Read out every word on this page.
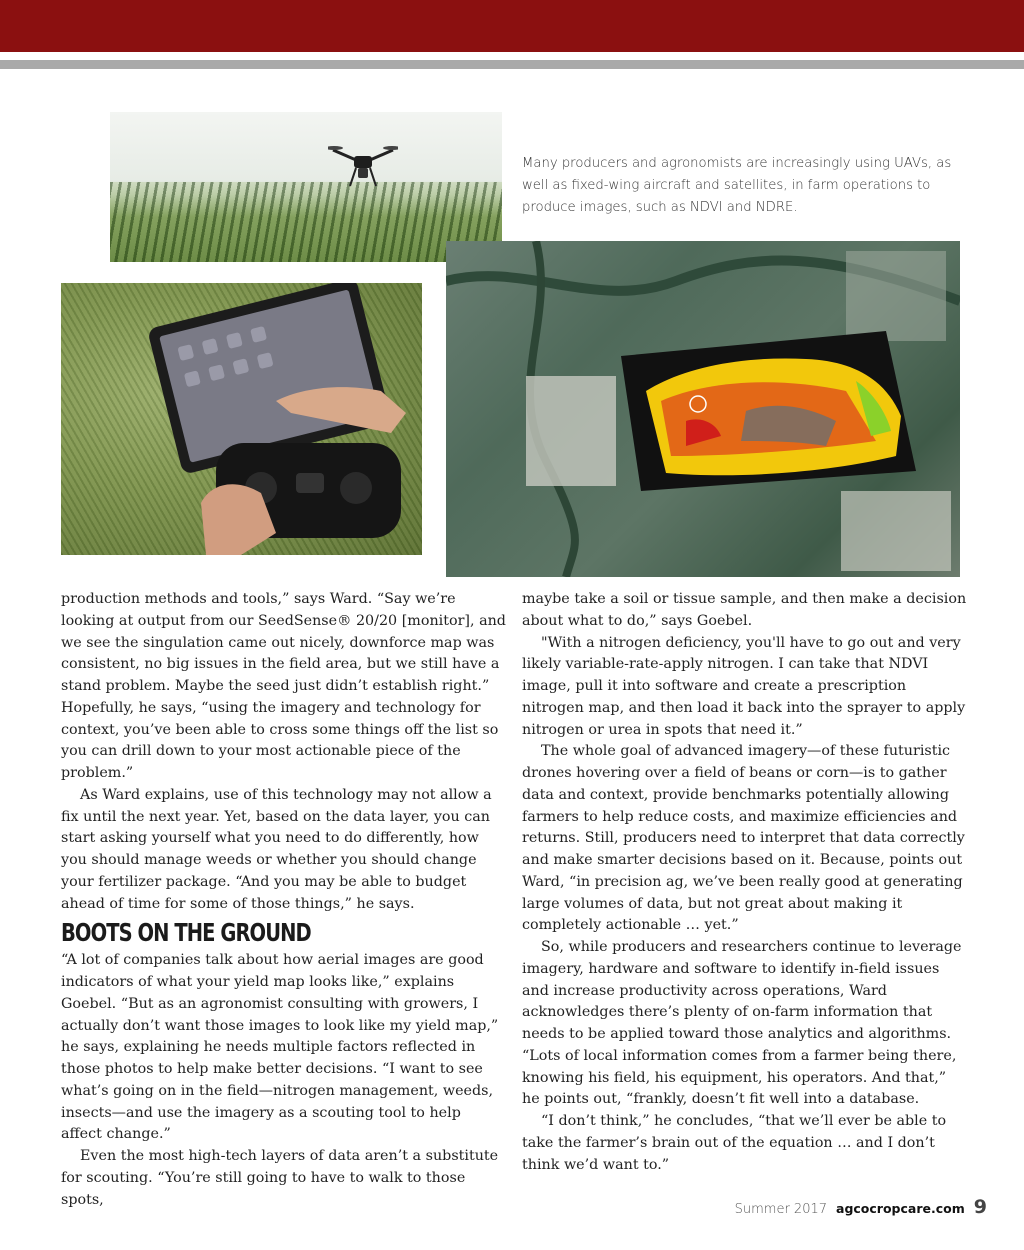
Many producers and agronomists are increasingly using UAVs, as well as fixed-wing aircraft and satellites, in farm operations to produce images, such as NDVI and NDRE.

production methods and tools,” says Ward. “Say we’re looking at output from our SeedSense® 20/20 [monitor], and we see the singulation came out nicely, downforce map was consistent, no big issues in the field area, but we still have a stand problem. Maybe the seed just didn’t establish right.” Hopefully, he says, “using the imagery and technology for context, you’ve been able to cross some things off the list so you can drill down to your most actionable piece of the problem.”

As Ward explains, use of this technology may not allow a fix until the next year. Yet, based on the data layer, you can start asking yourself what you need to do differently, how you should manage weeds or whether you should change your fertilizer package. “And you may be able to budget ahead of time for some of those things,” he says.

BOOTS ON THE GROUND

“A lot of companies talk about how aerial images are good indicators of what your yield map looks like,” explains Goebel. “But as an agronomist consulting with growers, I actually don’t want those images to look like my yield map,” he says, explaining he needs multiple factors reflected in those photos to help make better decisions. “I want to see what’s going on in the field—nitrogen management, weeds, insects—and use the imagery as a scouting tool to help affect change.”

Even the most high-tech layers of data aren’t a substitute for scouting. “You’re still going to have to walk to those spots,

maybe take a soil or tissue sample, and then make a decision about what to do,” says Goebel.

"With a nitrogen deficiency, you'll have to go out and very likely variable-rate-apply nitrogen. I can take that NDVI image, pull it into software and create a prescription nitrogen map, and then load it back into the sprayer to apply nitrogen or urea in spots that need it.”

The whole goal of advanced imagery—of these futuristic drones hovering over a field of beans or corn—is to gather data and context, provide benchmarks potentially allowing farmers to help reduce costs, and maximize efficiencies and returns. Still, producers need to interpret that data correctly and make smarter decisions based on it. Because, points out Ward, “in precision ag, we’ve been really good at generating large volumes of data, but not great about making it completely actionable … yet.”

So, while producers and researchers continue to leverage imagery, hardware and software to identify in-field issues and increase productivity across operations, Ward acknowledges there’s plenty of on-farm information that needs to be applied toward those analytics and algorithms. “Lots of local information comes from a farmer being there, knowing his field, his equipment, his operators. And that,” he points out, “frankly, doesn’t fit well into a database.

“I don’t think,” he concludes, “that we’ll ever be able to take the farmer’s brain out of the equation … and I don’t think we’d want to.”

Summer 2017 agcocropcare.com 9
